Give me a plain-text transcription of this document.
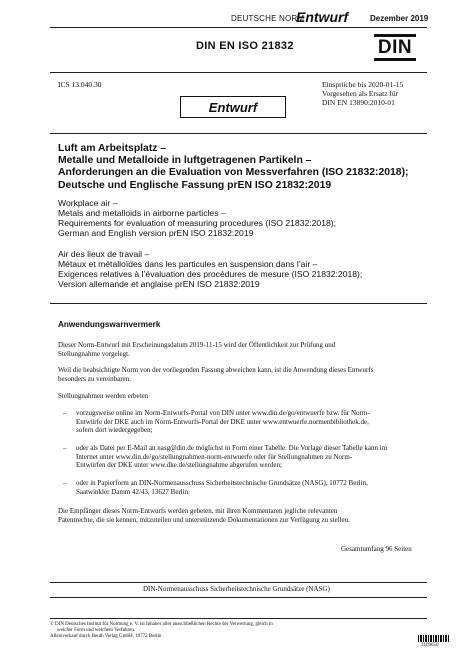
DEUTSCHE NORM
Entwurf	Dezember 2019
DIN EN ISO 21832	DIN
ICS 13.040.30	Einsprüche bis 2020-01-15
Vorgesehen als Ersatz für
DIN EN 13890:2010-01
Entwurf
Luft am Arbeitsplatz –
Metalle und Metalloide in luftgetragenen Partikeln –
Anforderungen an die Evaluation von Messverfahren (ISO 21832:2018);
Deutsche und Englische Fassung prEN ISO 21832:2019
Workplace air –
Metals and metalloids in airborne particles –
Requirements for evaluation of measuring procedures (ISO 21832:2018);
German and English version prEN ISO 21832:2019
Air des lieux de travail –
Métaux et métalloïdes dans les particules en suspension dans l’air –
Exigences relatives à l’évaluation des procédures de mesure (ISO 21832:2018);
Version allemande et anglaise prEN ISO 21832:2019
Anwendungswarnvermerk
Dieser Norm-Entwurf mit Erscheinungsdatum 2019-11-15 wird der Öffentlichkeit zur Prüfung und
Stellungnahme vorgelegt.
Weil die beabsichtigte Norm von der vorliegenden Fassung abweichen kann, ist die Anwendung dieses Entwurfs
besonders zu vereinbaren.
Stellungnahmen werden erbeten
– vorzugsweise online im Norm-Entwurfs-Portal von DIN unter www.din.de/go/entwuerfe bzw. für Norm-
Entwürfe der DKE auch im Norm-Entwurfs-Portal der DKE unter www.entwuerfe.normenbibliothek.de,
sofern dort wiedergegeben;
– oder als Datei per E-Mail an nasg@din.de möglichst in Form einer Tabelle. Die Vorlage dieser Tabelle kann im
Internet unter www.din.de/go/stellungnahmen-norm-entwuerfe oder für Stellungnahmen zu Norm-
Entwürfen der DKE unter www.dke.de/stellungnahme abgerufen werden;
– oder in Papierform an DIN-Normenausschuss Sicherheitstechnische Grundsätze (NASG), 10772 Berlin,
Saatwinkler Damm 42/43, 13627 Berlin.
Die Empfänger dieses Norm-Entwurfs werden gebeten, mit ihren Kommentaren jegliche relevanten
Patentrechte, die sie kennen, mitzuteilen und unterstützende Dokumentationen zur Verfügung zu stellen.
Gesamtumfang 96 Seiten
DIN-Normenausschuss Sicherheitstechnische Grundsätze (NASG)
© DIN Deutsches Institut für Normung e. V. ist Inhaber aller ausschließlichen Rechte der Verwertung, gleich in
welcher Form und welchem Verfahren.
Alleinverkauf durch Beuth Verlag GmbH, 10772 Berlin
3109650
